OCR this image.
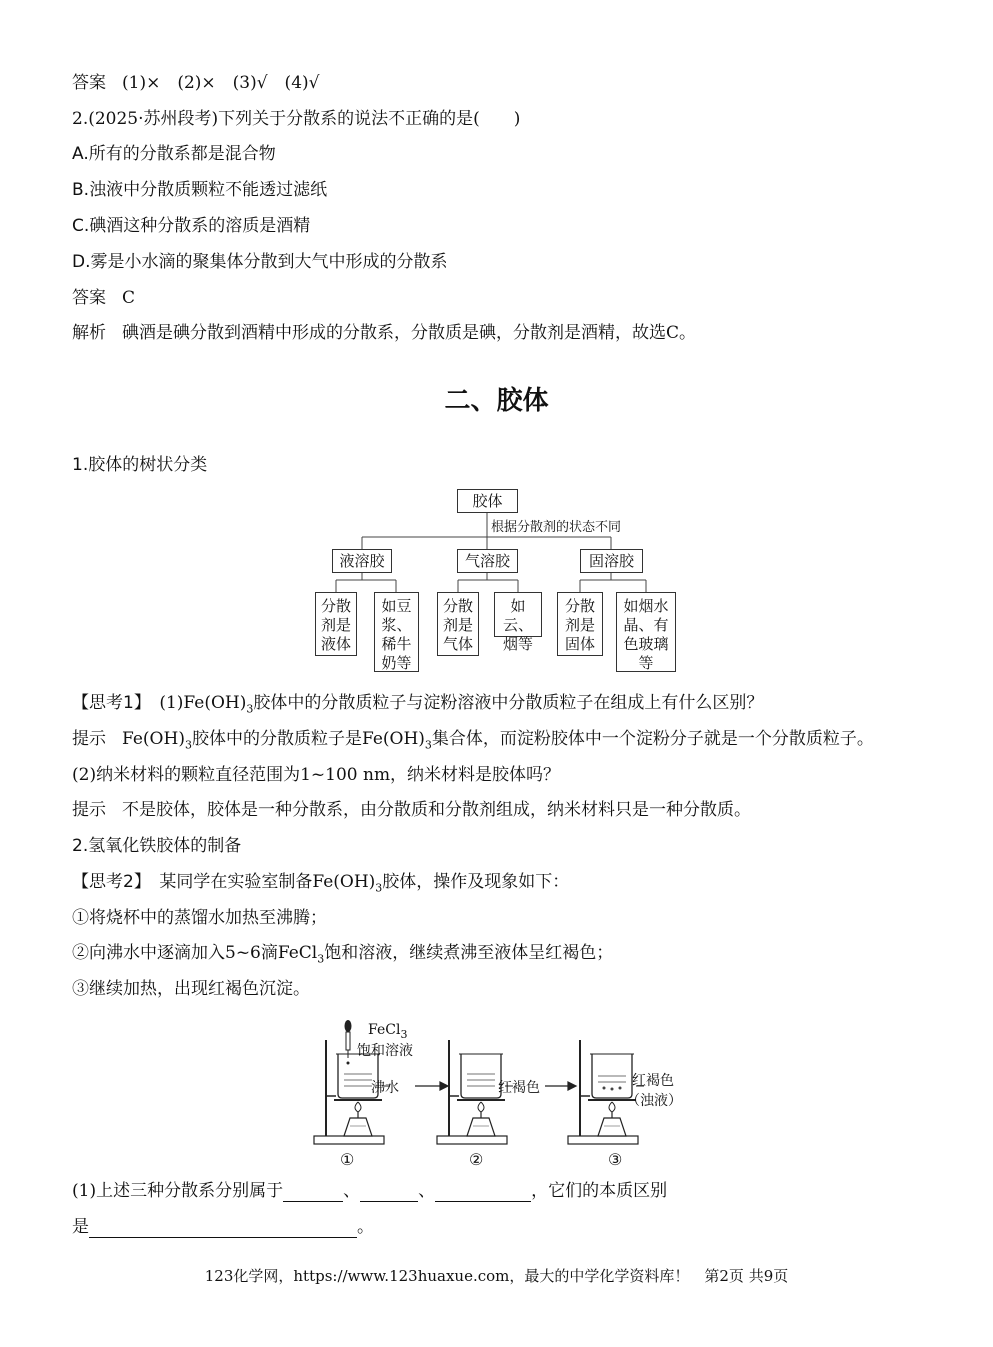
答案 (1)×　(2)×　(3)√　(4)√
2.(2025·苏州段考)下列关于分散系的说法不正确的是(　　)
A.所有的分散系都是混合物
B.浊液中分散质颗粒不能透过滤纸
C.碘酒这种分散系的溶质是酒精
D.雾是小水滴的聚集体分散到大气中形成的分散系
答案 C
解析 碘酒是碘分散到酒精中形成的分散系，分散质是碘，分散剂是酒精，故选C。
二、胶体
1.胶体的树状分类
胶体
根据分散剂的状态不同
液溶胶	气溶胶	固溶胶
分散剂是液体
如豆浆、稀牛奶等
分散剂是气体
如云、烟等
分散剂是固体
如烟水晶、有色玻璃等
【思考1】　 $(1)Fe(OH)_3$胶体中的分散质粒子与淀粉溶液中分散质粒子在组成上有什么区别？
提示 $Fe(OH)_3$胶体中的分散质粒子是$Fe(OH)_3$集合体，而淀粉胶体中一个淀粉分子就是一个分散质粒子。
(2)纳米材料的颗粒直径范围为1~100 nm，纳米材料是胶体吗？
提示 不是胶体，胶体是一种分散系，由分散质和分散剂组成，纳米材料只是一种分散质。
2.氢氧化铁胶体的制备
【思考2】　 某同学在实验室制备$Fe(OH)_3$胶体，操作及现象如下：
①将烧杯中的蒸馏水加热至沸腾；
②向沸水中逐滴加入5~6滴FeCl$_3$饱和溶液，继续煮沸至液体呈红褐色；
③继续加热，出现红褐色沉淀。
FeCl$_3$
饱和溶液
沸水	红褐色	红褐色
（浊液）
①	②	③
(1)上述三种分散系分别属于	、	、	，它们的本质区别
是	。
123化学网，https://www.123huaxue.com，最大的中学化学资料库！　第2页 共9页
